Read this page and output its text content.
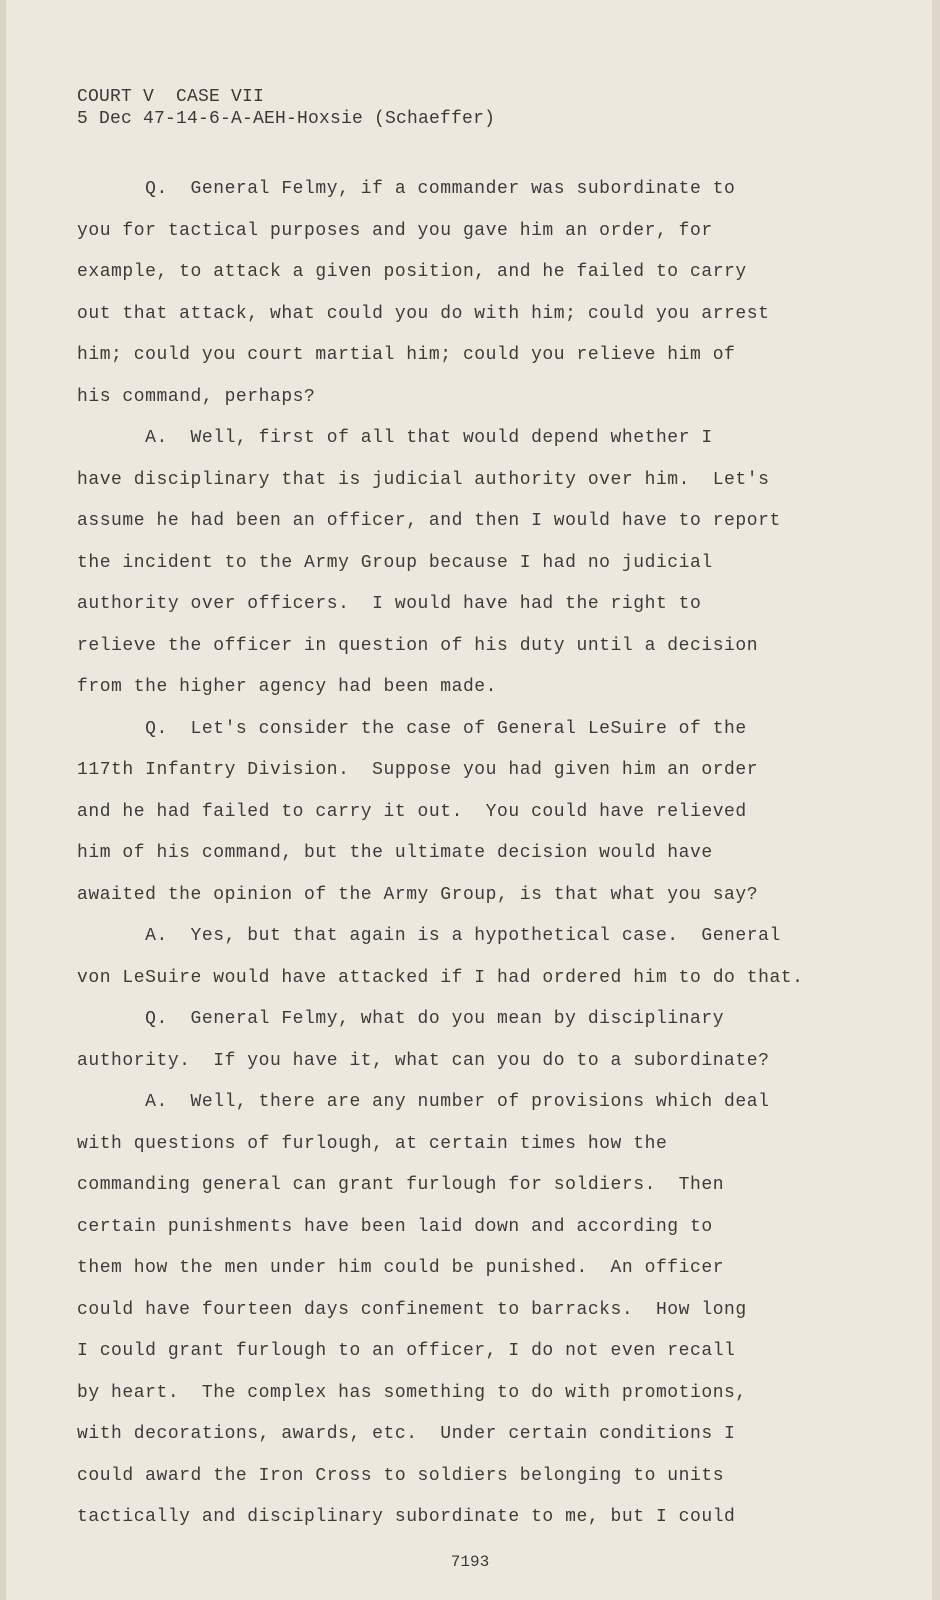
COURT V  CASE VII
5 Dec 47-14-6-A-AEH-Hoxsie (Schaeffer)
Q.  General Felmy, if a commander was subordinate to
you for tactical purposes and you gave him an order, for
example, to attack a given position, and he failed to carry
out that attack, what could you do with him; could you arrest
him; could you court martial him; could you relieve him of
his command, perhaps?
A.  Well, first of all that would depend whether I
have disciplinary that is judicial authority over him.  Let's
assume he had been an officer, and then I would have to report
the incident to the Army Group because I had no judicial
authority over officers.  I would have had the right to
relieve the officer in question of his duty until a decision
from the higher agency had been made.
Q.  Let's consider the case of General LeSuire of the
117th Infantry Division.  Suppose you had given him an order
and he had failed to carry it out.  You could have relieved
him of his command, but the ultimate decision would have
awaited the opinion of the Army Group, is that what you say?
A.  Yes, but that again is a hypothetical case.  General
von LeSuire would have attacked if I had ordered him to do that.
Q.  General Felmy, what do you mean by disciplinary
authority.  If you have it, what can you do to a subordinate?
A.  Well, there are any number of provisions which deal
with questions of furlough, at certain times how the
commanding general can grant furlough for soldiers.  Then
certain punishments have been laid down and according to
them how the men under him could be punished.  An officer
could have fourteen days confinement to barracks.  How long
I could grant furlough to an officer, I do not even recall
by heart.  The complex has something to do with promotions,
with decorations, awards, etc.  Under certain conditions I
could award the Iron Cross to soldiers belonging to units
tactically and disciplinary subordinate to me, but I could
7193
